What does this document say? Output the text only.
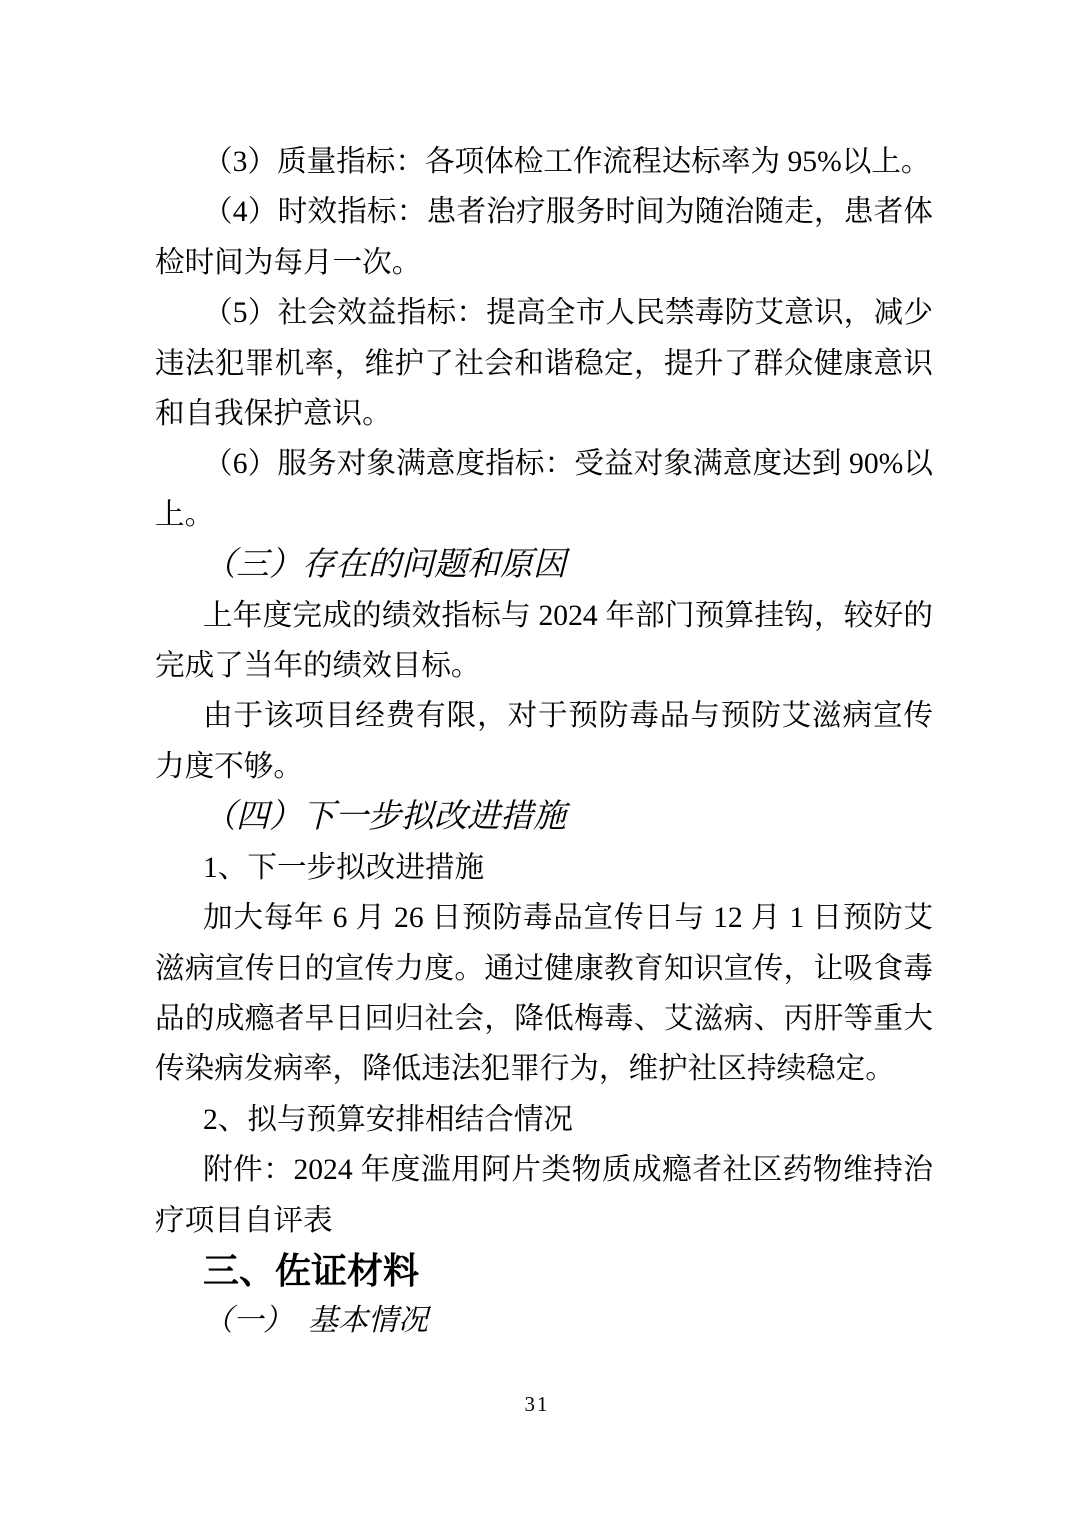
（3）质量指标：各项体检工作流程达标率为 95%以上。

（4）时效指标：患者治疗服务时间为随治随走，患者体检时间为每月一次。

（5）社会效益指标：提高全市人民禁毒防艾意识，减少违法犯罪机率，维护了社会和谐稳定，提升了群众健康意识和自我保护意识。

（6）服务对象满意度指标：受益对象满意度达到 90%以上。

（三）存在的问题和原因

上年度完成的绩效指标与 2024 年部门预算挂钩，较好的完成了当年的绩效目标。

由于该项目经费有限，对于预防毒品与预防艾滋病宣传力度不够。

（四）下一步拟改进措施

1、下一步拟改进措施

加大每年 6 月 26 日预防毒品宣传日与 12 月 1 日预防艾滋病宣传日的宣传力度。通过健康教育知识宣传，让吸食毒品的成瘾者早日回归社会，降低梅毒、艾滋病、丙肝等重大传染病发病率，降低违法犯罪行为，维护社区持续稳定。

2、拟与预算安排相结合情况

附件：2024 年度滥用阿片类物质成瘾者社区药物维持治疗项目自评表

三、佐证材料

（一）　基本情况

31
